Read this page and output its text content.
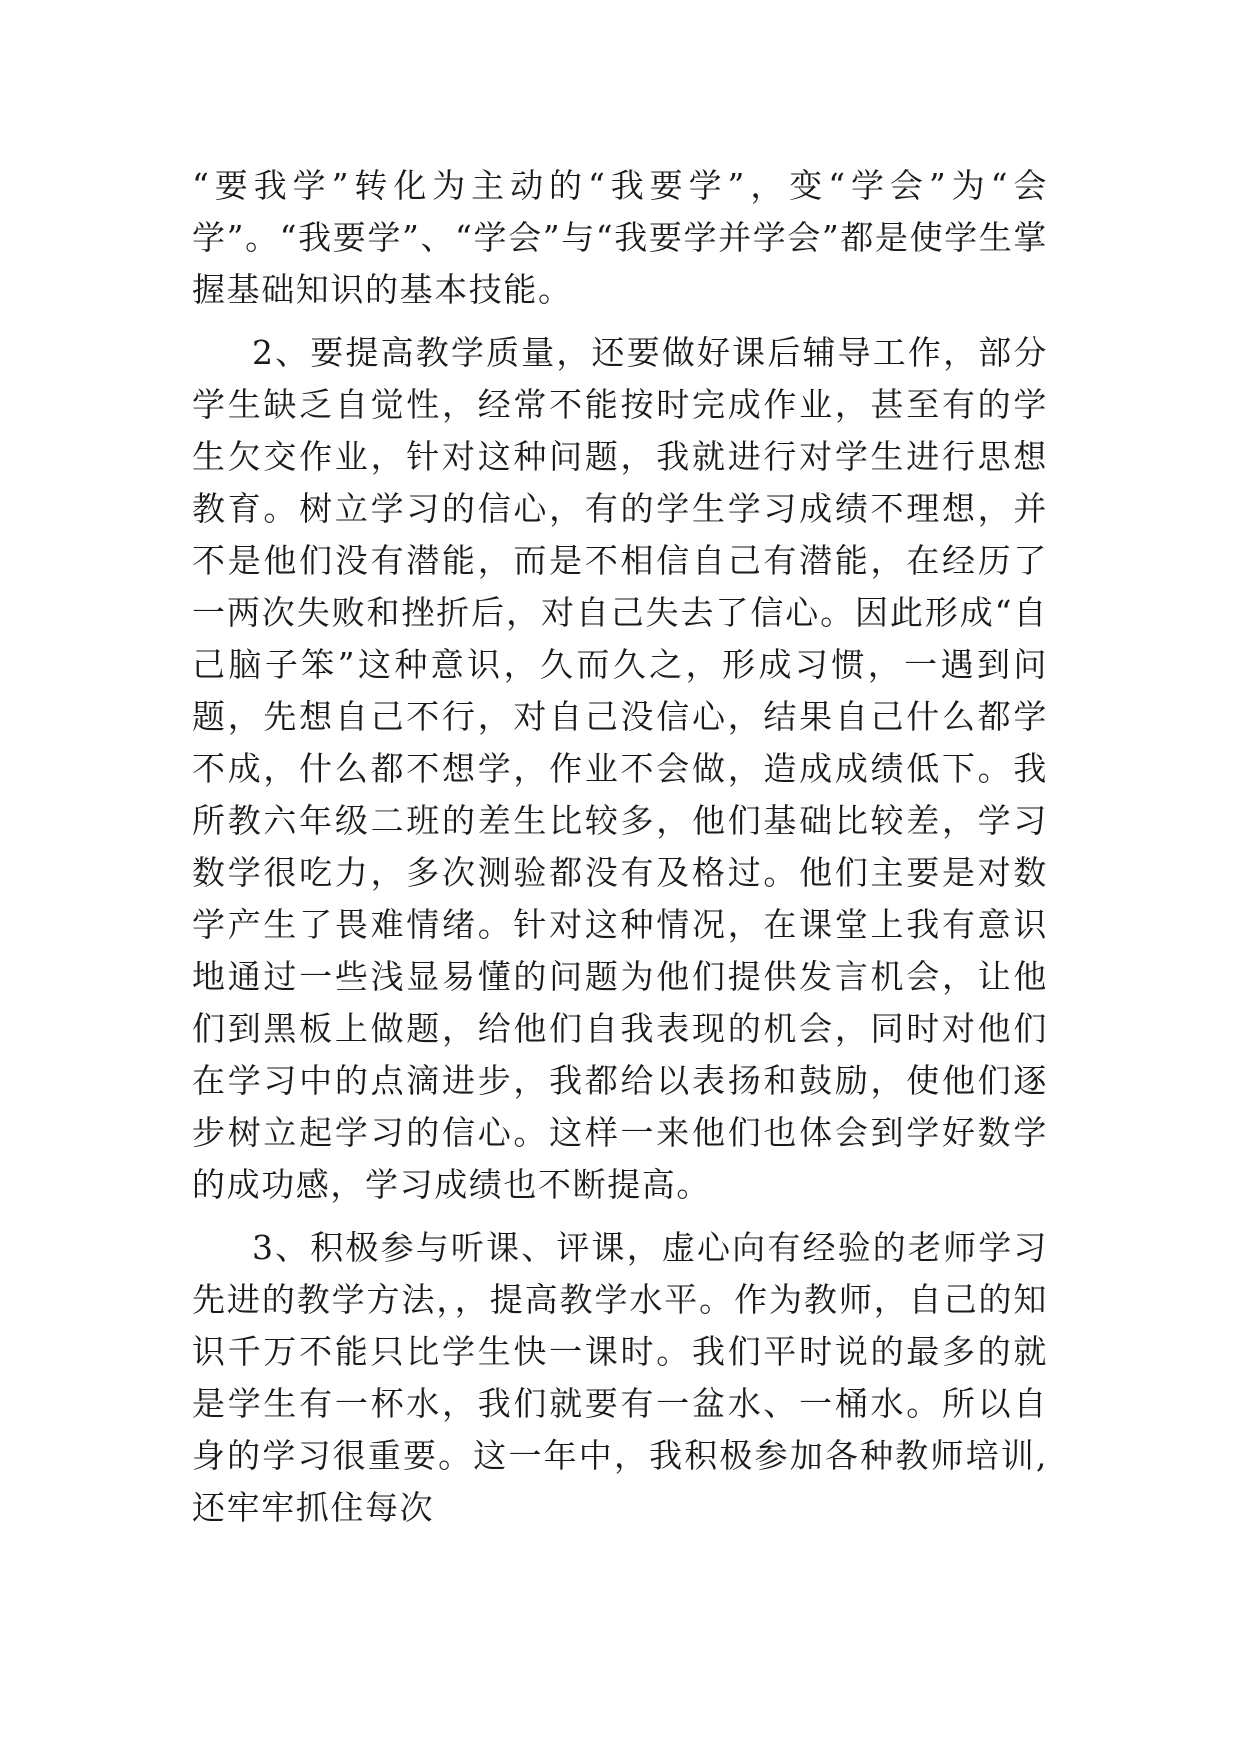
“要我学”转化为主动的“我要学”，变“学会”为“会学”。“我要学”、“学会”与“我要学并学会”都是使学生掌握基础知识的基本技能。

2、要提高教学质量，还要做好课后辅导工作，部分学生缺乏自觉性，经常不能按时完成作业，甚至有的学生欠交作业，针对这种问题，我就进行对学生进行思想教育。树立学习的信心，有的学生学习成绩不理想，并不是他们没有潜能，而是不相信自己有潜能，在经历了一两次失败和挫折后，对自己失去了信心。因此形成“自己脑子笨”这种意识，久而久之，形成习惯，一遇到问题，先想自己不行，对自己没信心，结果自己什么都学不成，什么都不想学，作业不会做，造成成绩低下。我所教六年级二班的差生比较多，他们基础比较差，学习数学很吃力，多次测验都没有及格过。他们主要是对数学产生了畏难情绪。针对这种情况，在课堂上我有意识地通过一些浅显易懂的问题为他们提供发言机会，让他们到黑板上做题，给他们自我表现的机会，同时对他们在学习中的点滴进步，我都给以表扬和鼓励，使他们逐步树立起学习的信心。这样一来他们也体会到学好数学的成功感，学习成绩也不断提高。

3、积极参与听课、评课，虚心向有经验的老师学习先进的教学方法，，提高教学水平。作为教师，自己的知识千万不能只比学生快一课时。我们平时说的最多的就是学生有一杯水，我们就要有一盆水、一桶水。所以自身的学习很重要。这一年中，我积极参加各种教师培训,还牢牢抓住每次
